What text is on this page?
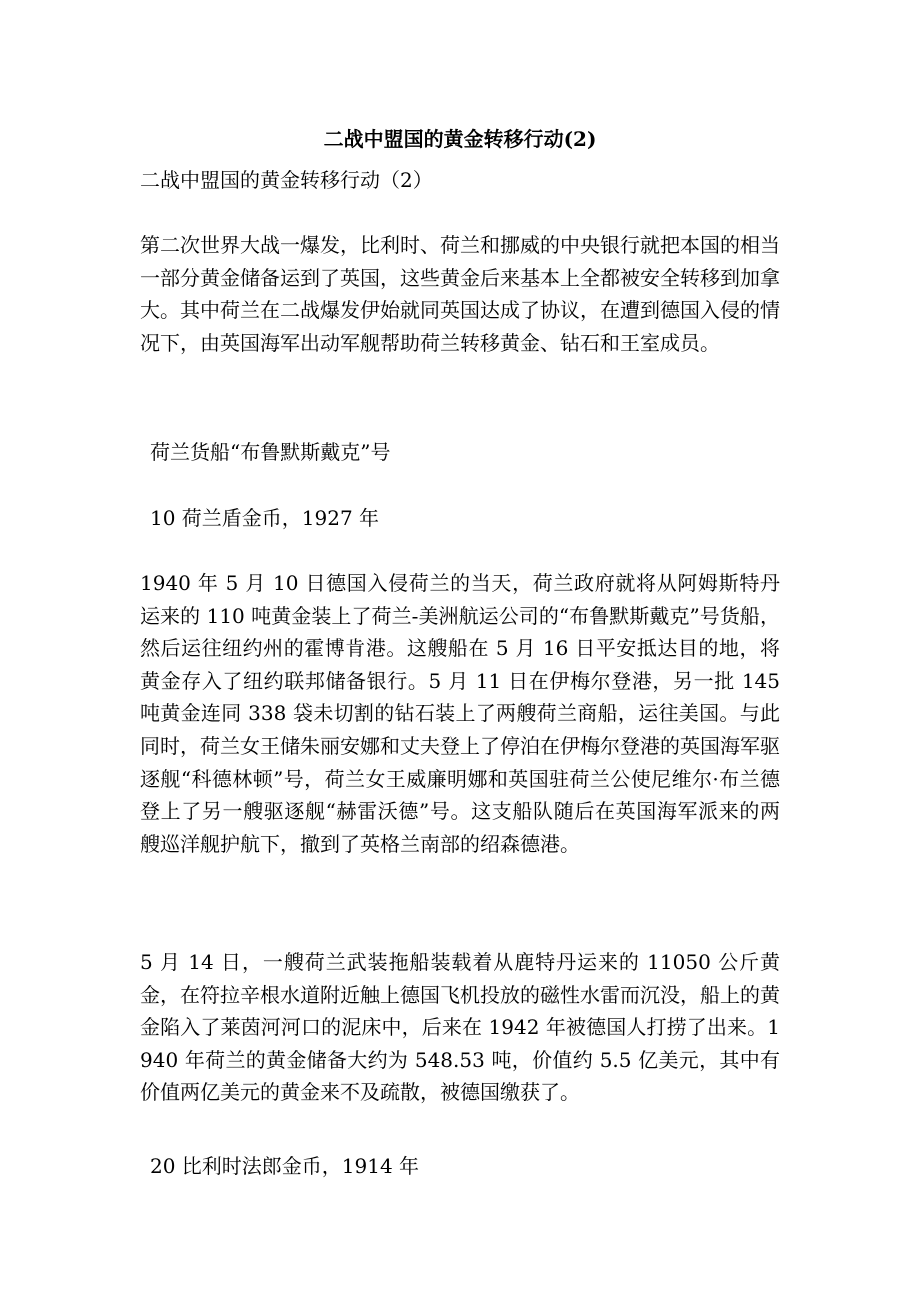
二战中盟国的黄金转移行动(2)

二战中盟国的黄金转移行动（2）

第二次世界大战一爆发，比利时、荷兰和挪威的中央银行就把本国的相当一部分黄金储备运到了英国，这些黄金后来基本上全都被安全转移到加拿大。其中荷兰在二战爆发伊始就同英国达成了协议，在遭到德国入侵的情况下，由英国海军出动军舰帮助荷兰转移黄金、钻石和王室成员。

荷兰货船“布鲁默斯戴克”号

10 荷兰盾金币，1927 年

1940 年 5 月 10 日德国入侵荷兰的当天，荷兰政府就将从阿姆斯特丹运来的 110 吨黄金装上了荷兰-美洲航运公司的“布鲁默斯戴克”号货船，然后运往纽约州的霍博肯港。这艘船在 5 月 16 日平安抵达目的地，将黄金存入了纽约联邦储备银行。5 月 11 日在伊梅尔登港，另一批 145 吨黄金连同 338 袋未切割的钻石装上了两艘荷兰商船，运往美国。与此同时，荷兰女王储朱丽安娜和丈夫登上了停泊在伊梅尔登港的英国海军驱逐舰“科德林顿”号，荷兰女王威廉明娜和英国驻荷兰公使尼维尔·布兰德登上了另一艘驱逐舰“赫雷沃德”号。这支船队随后在英国海军派来的两艘巡洋舰护航下，撤到了英格兰南部的绍森德港。

5 月 14 日，一艘荷兰武装拖船装载着从鹿特丹运来的 11050 公斤黄金，在符拉辛根水道附近触上德国飞机投放的磁性水雷而沉没，船上的黄金陷入了莱茵河河口的泥床中，后来在 1942 年被德国人打捞了出来。1940 年荷兰的黄金储备大约为 548.53 吨，价值约 5.5 亿美元，其中有价值两亿美元的黄金来不及疏散，被德国缴获了。

20 比利时法郎金币，1914 年
